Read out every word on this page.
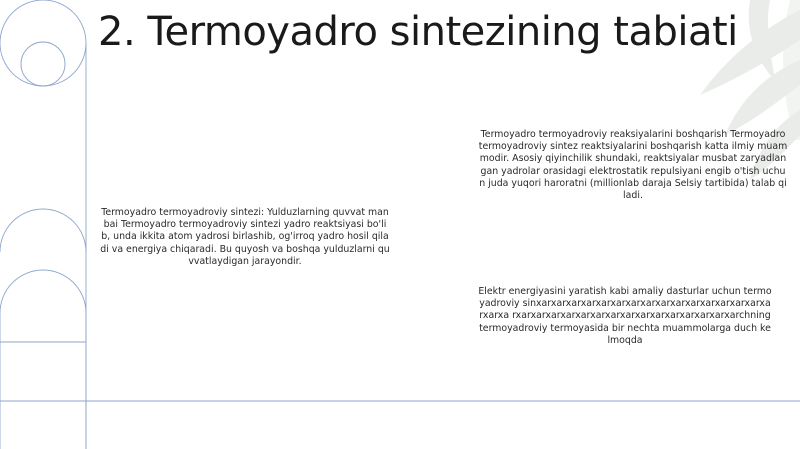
2. Termoyadro sintezining tabiati
Termoyadro termoyadroviy sintezi: Yulduzlarning quvvat manbai Termoyadro termoyadroviy sintezi yadro reaktsiyasi bo'lib, unda ikkita atom yadrosi birlashib, og'irroq yadro hosil qiladi va energiya chiqaradi. Bu quyosh va boshqa yulduzlarni quvvatlaydigan jarayondir.
Termoyadro termoyadroviy reaksiyalarini boshqarish Termoyadro termoyadroviy sintez reaktsiyalarini boshqarish katta ilmiy muammodir. Asosiy qiyinchilik shundaki, reaktsiyalar musbat zaryadlangan yadrolar orasidagi elektrostatik repulsiyani engib o'tish uchun juda yuqori haroratni (millionlab daraja Selsiy tartibida) talab qiladi.
Elektr energiyasini yaratish kabi amaliy dasturlar uchun termoyadroviy sinxarxarxarxarxarxarxarxarxarxarxarxarxarxarxarxarxarxa rxarxarxarxarxarxarxarxarxarxarxarxarxarxarxarchning termoyadroviy termoyasida bir nechta muammolarga duch kelmoqda
